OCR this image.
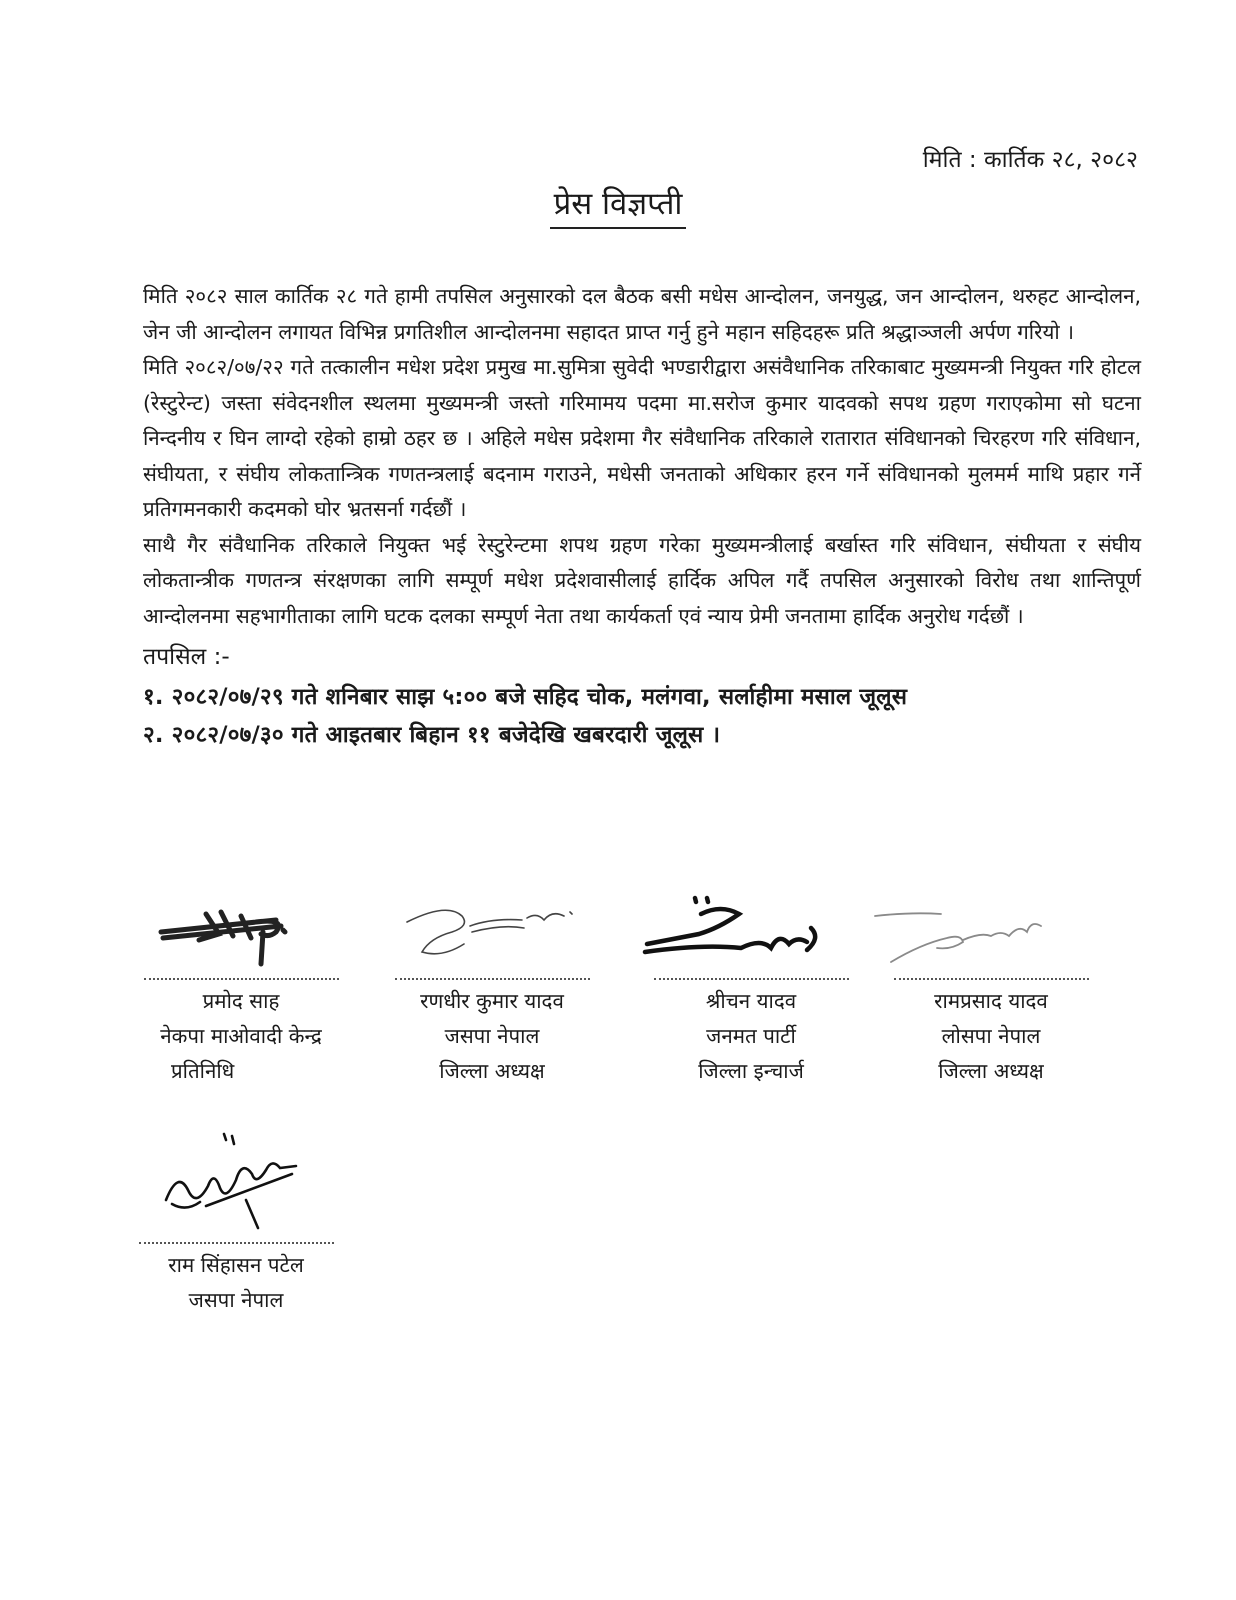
मिति : कार्तिक २८, २०८२
प्रेस विज्ञप्ती

मिति २०८२ साल कार्तिक २८ गते हामी तपसिल अनुसारको दल बैठक बसी मधेस आन्दोलन, जनयुद्ध, जन आन्दोलन, थरुहट आन्दोलन, जेन जी आन्दोलन लगायत विभिन्न प्रगतिशील आन्दोलनमा सहादत प्राप्त गर्नु हुने महान सहिदहरू प्रति श्रद्धाञ्जली अर्पण गरियो ।

मिति २०८२/०७/२२ गते तत्कालीन मधेश प्रदेश प्रमुख मा.सुमित्रा सुवेदी भण्डारीद्वारा असंवैधानिक तरिकाबाट मुख्यमन्त्री नियुक्त गरि होटल (रेस्टुरेन्ट) जस्ता संवेदनशील स्थलमा मुख्यमन्त्री जस्तो गरिमामय पदमा मा.सरोज कुमार यादवको सपथ ग्रहण गराएकोमा सो घटना निन्दनीय र घिन लाग्दो रहेको हाम्रो ठहर छ । अहिले मधेस प्रदेशमा गैर संवैधानिक तरिकाले रातारात संविधानको चिरहरण गरि संविधान, संघीयता, र संघीय लोकतान्त्रिक गणतन्त्रलाई बदनाम गराउने, मधेसी जनताको अधिकार हरन गर्ने संविधानको मुलमर्म माथि प्रहार गर्ने प्रतिगमनकारी कदमको घोर भ्रतसर्ना गर्दछौं ।

साथै गैर संवैधानिक तरिकाले नियुक्त भई रेस्टुरेन्टमा शपथ ग्रहण गरेका मुख्यमन्त्रीलाई बर्खास्त गरि संविधान, संघीयता र संघीय लोकतान्त्रीक गणतन्त्र संरक्षणका लागि सम्पूर्ण मधेश प्रदेशवासीलाई हार्दिक अपिल गर्दै तपसिल अनुसारको विरोध तथा शान्तिपूर्ण आन्दोलनमा सहभागीताका लागि घटक दलका सम्पूर्ण नेता तथा कार्यकर्ता एवं न्याय प्रेमी जनतामा हार्दिक अनुरोध गर्दछौं ।

तपसिल :-
१. २०८२/०७/२९ गते शनिबार साझ ५:०० बजे सहिद चोक, मलंगवा, सर्लाहीमा मसाल जूलूस
२. २०८२/०७/३० गते आइतबार बिहान ११ बजेदेखि खबरदारी जूलूस ।
प्रमोद साह
नेकपा माओवादी केन्द्र
प्रतिनिधि
रणधीर कुमार यादव
जसपा नेपाल
जिल्ला अध्यक्ष
श्रीचन यादव
जनमत पार्टी
जिल्ला इन्चार्ज
रामप्रसाद यादव
लोसपा नेपाल
जिल्ला अध्यक्ष
राम सिंहासन पटेल
जसपा नेपाल
